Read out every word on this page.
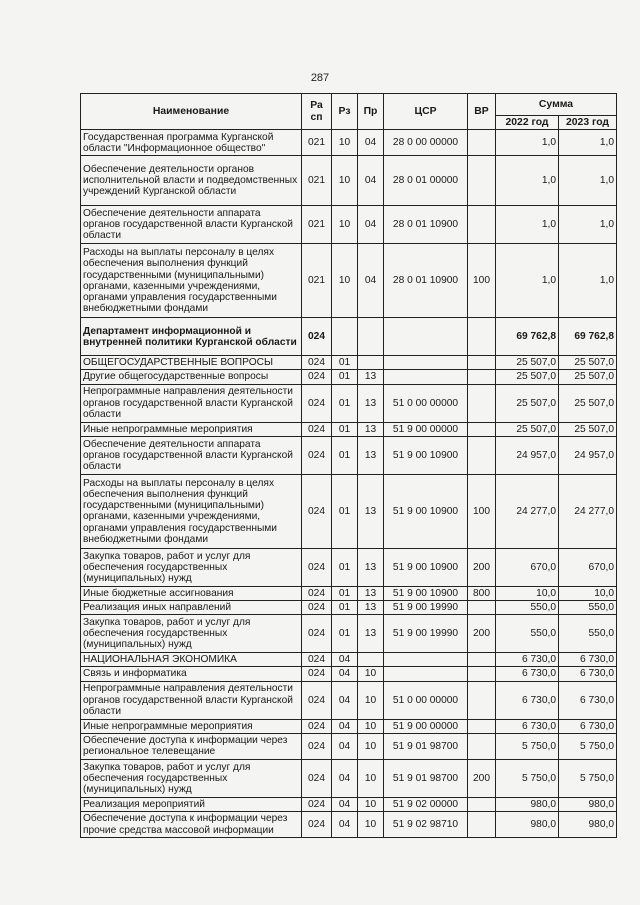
287
Наименование	Ра сп	Рз	Пр	ЦСР	ВР	Сумма	
						2022 год	2023 год
Государственная программа Курганской области "Информационное общество"	021	10	04	28 0 00 00000		1,0	1,0
Обеспечение деятельности органов исполнительной власти и подведомственных учреждений Курганской области	021	10	04	28 0 01 00000		1,0	1,0
Обеспечение деятельности аппарата органов государственной власти Курганской области	021	10	04	28 0 01 10900		1,0	1,0
Расходы на выплаты персоналу в целях обеспечения выполнения функций государственными (муниципальными) органами, казенными учреждениями, органами управления государственными внебюджетными фондами	021	10	04	28 0 01 10900	100	1,0	1,0
Департамент информационной и внутренней политики Курганской области	024					69 762,8	69 762,8
ОБЩЕГОСУДАРСТВЕННЫЕ ВОПРОСЫ	024	01				25 507,0	25 507,0
Другие общегосударственные вопросы	024	01	13			25 507,0	25 507,0
Непрограммные направления деятельности органов государственной власти Курганской области	024	01	13	51 0 00 00000		25 507,0	25 507,0
Иные непрограммные мероприятия	024	01	13	51 9 00 00000		25 507,0	25 507,0
Обеспечение деятельности аппарата органов государственной власти Курганской области	024	01	13	51 9 00 10900		24 957,0	24 957,0
Расходы на выплаты персоналу в целях обеспечения выполнения функций государственными (муниципальными) органами, казенными учреждениями, органами управления государственными внебюджетными фондами	024	01	13	51 9 00 10900	100	24 277,0	24 277,0
Закупка товаров, работ и услуг для обеспечения государственных (муниципальных) нужд	024	01	13	51 9 00 10900	200	670,0	670,0
Иные бюджетные ассигнования	024	01	13	51 9 00 10900	800	10,0	10,0
Реализация иных направлений	024	01	13	51 9 00 19990		550,0	550,0
Закупка товаров, работ и услуг для обеспечения государственных (муниципальных) нужд	024	01	13	51 9 00 19990	200	550,0	550,0
НАЦИОНАЛЬНАЯ ЭКОНОМИКА	024	04				6 730,0	6 730,0
Связь и информатика	024	04	10			6 730,0	6 730,0
Непрограммные направления деятельности органов государственной власти Курганской области	024	04	10	51 0 00 00000		6 730,0	6 730,0
Иные непрограммные мероприятия	024	04	10	51 9 00 00000		6 730,0	6 730,0
Обеспечение доступа к информации через региональное телевещание	024	04	10	51 9 01 98700		5 750,0	5 750,0
Закупка товаров, работ и услуг для обеспечения государственных (муниципальных) нужд	024	04	10	51 9 01 98700	200	5 750,0	5 750,0
Реализация мероприятий	024	04	10	51 9 02 00000		980,0	980,0
Обеспечение доступа к информации через прочие средства массовой информации	024	04	10	51 9 02 98710		980,0	980,0
